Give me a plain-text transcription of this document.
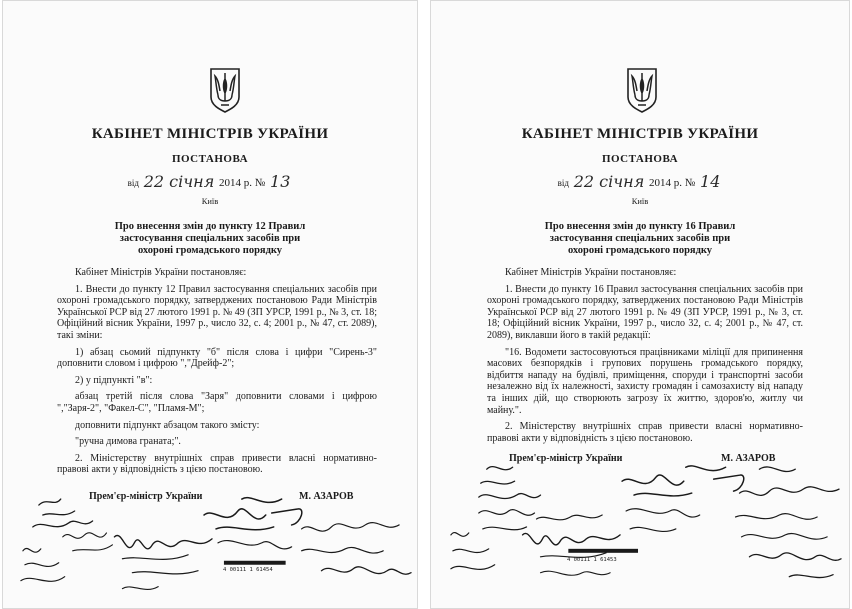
КАБІНЕТ МІНІСТРІВ УКРАЇНИ
ПОСТАНОВА
від 22 січня 2014 р. № 13
Київ
Про внесення змін до пункту 12 Правил
застосування спеціальних засобів при
охороні громадського порядку

Кабінет Міністрів України постановляє:

1. Внести до пункту 12 Правил застосування спеціальних засобів при охороні громадського порядку, затверджених постановою Ради Міністрів Української РСР від 27 лютого 1991 р. № 49 (ЗП УРСР, 1991 р., № 3, ст. 18; Офіційний вісник України, 1997 р., число 32, с. 4; 2001 р., № 47, ст. 2089), такі зміни:

1) абзац сьомий підпункту "б" після слова і цифри "Сирень-3" доповнити словом і цифрою ","Дрейф-2";

2) у підпункті "в":

абзац третій після слова "Заря" доповнити словами і цифрою ","Заря-2", "Факел-С", "Пламя-М";

доповнити підпункт абзацом такого змісту:

"ручна димова граната;".

2. Міністерству внутрішніх справ привести власні нормативно-правові акти у відповідність з цією постановою.

Прем'єр-міністр України	М. АЗАРОВ
4 00111 1 61454
КАБІНЕТ МІНІСТРІВ УКРАЇНИ
ПОСТАНОВА
від 22 січня 2014 р. № 14
Київ
Про внесення змін до пункту 16 Правил
застосування спеціальних засобів при
охороні громадського порядку

Кабінет Міністрів України постановляє:

1. Внести до пункту 16 Правил застосування спеціальних засобів при охороні громадського порядку, затверджених постановою Ради Міністрів Української РСР від 27 лютого 1991 р. № 49 (ЗП УРСР, 1991 р., № 3, ст. 18; Офіційний вісник України, 1997 р., число 32, с. 4; 2001 р., № 47, ст. 2089), виклавши його в такій редакції:

"16. Водомети застосовуються працівниками міліції для припинення масових безпорядків і групових порушень громадського порядку, відбиття нападу на будівлі, приміщення, споруди і транспортні засоби незалежно від їх належності, захисту громадян і самозахисту від нападу та інших дій, що створюють загрозу їх життю, здоров'ю, житлу чи майну.".

2. Міністерству внутрішніх справ привести власні нормативно-правові акти у відповідність з цією постановою.

Прем'єр-міністр України	М. АЗАРОВ
4 00111 1 61453
